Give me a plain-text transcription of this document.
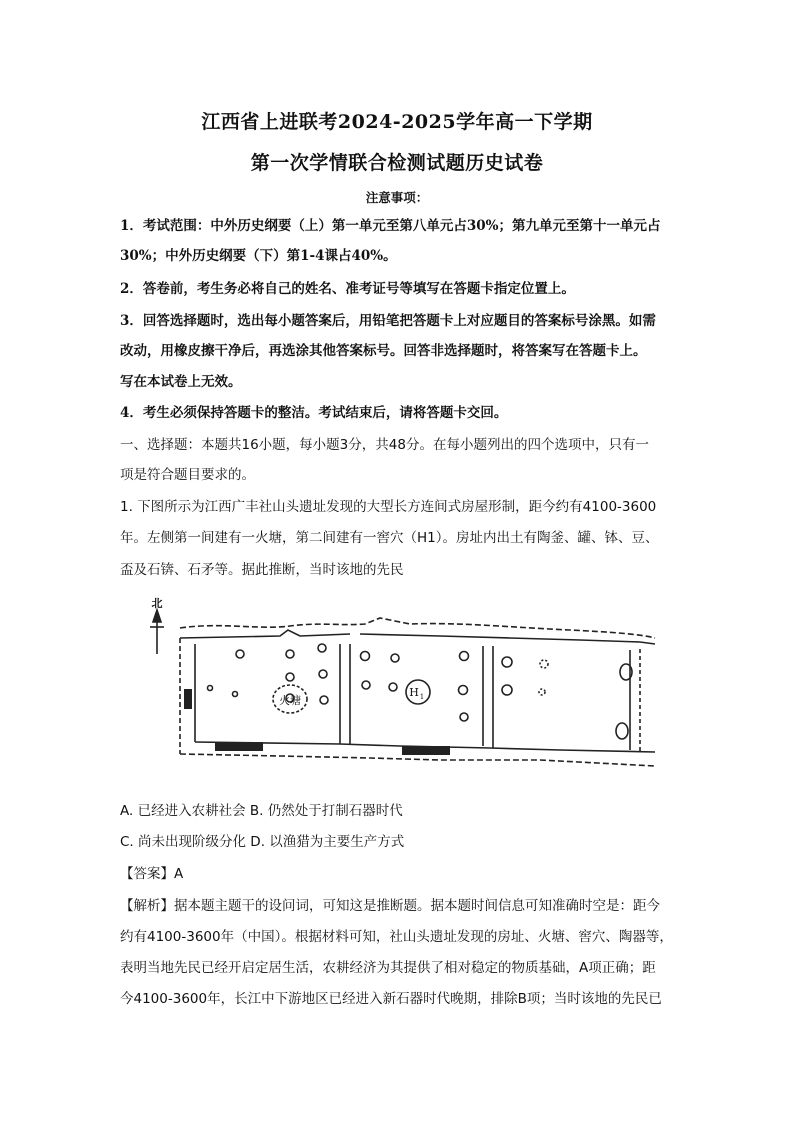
江西省上进联考2024-2025学年高一下学期
第一次学情联合检测试题历史试卷
注意事项：
1．考试范围：中外历史纲要（上）第一单元至第八单元占30%；第九单元至第十一单元占
30%；中外历史纲要（下）第1-4课占40%。
2．答卷前，考生务必将自己的姓名、准考证号等填写在答题卡指定位置上。
3．回答选择题时，选出每小题答案后，用铅笔把答题卡上对应题目的答案标号涂黑。如需
改动，用橡皮擦干净后，再选涂其他答案标号。回答非选择题时，将答案写在答题卡上。
写在本试卷上无效。
4．考生必须保持答题卡的整洁。考试结束后，请将答题卡交回。
一、选择题：本题共16小题，每小题3分，共48分。在每小题列出的四个选项中，只有一
项是符合题目要求的。
1. 下图所示为江西广丰社山头遗址发现的大型长方连间式房屋形制，距今约有4100-3600
年。左侧第一间建有一火塘，第二间建有一窖穴（H1）。房址内出土有陶釜、罐、钵、豆、
盃及石锛、石矛等。据此推断，当时该地的先民
火塘
H 1
北
A. 已经进入农耕社会 B. 仍然处于打制石器时代
C. 尚未出现阶级分化 D. 以渔猎为主要生产方式
【答案】A
【解析】据本题主题干的设问词，可知这是推断题。据本题时间信息可知准确时空是：距今
约有4100-3600年（中国）。根据材料可知，社山头遗址发现的房址、火塘、窖穴、陶器等，
表明当地先民已经开启定居生活，农耕经济为其提供了相对稳定的物质基础，A项正确；距
今4100-3600年，长江中下游地区已经进入新石器时代晚期，排除B项；当时该地的先民已
